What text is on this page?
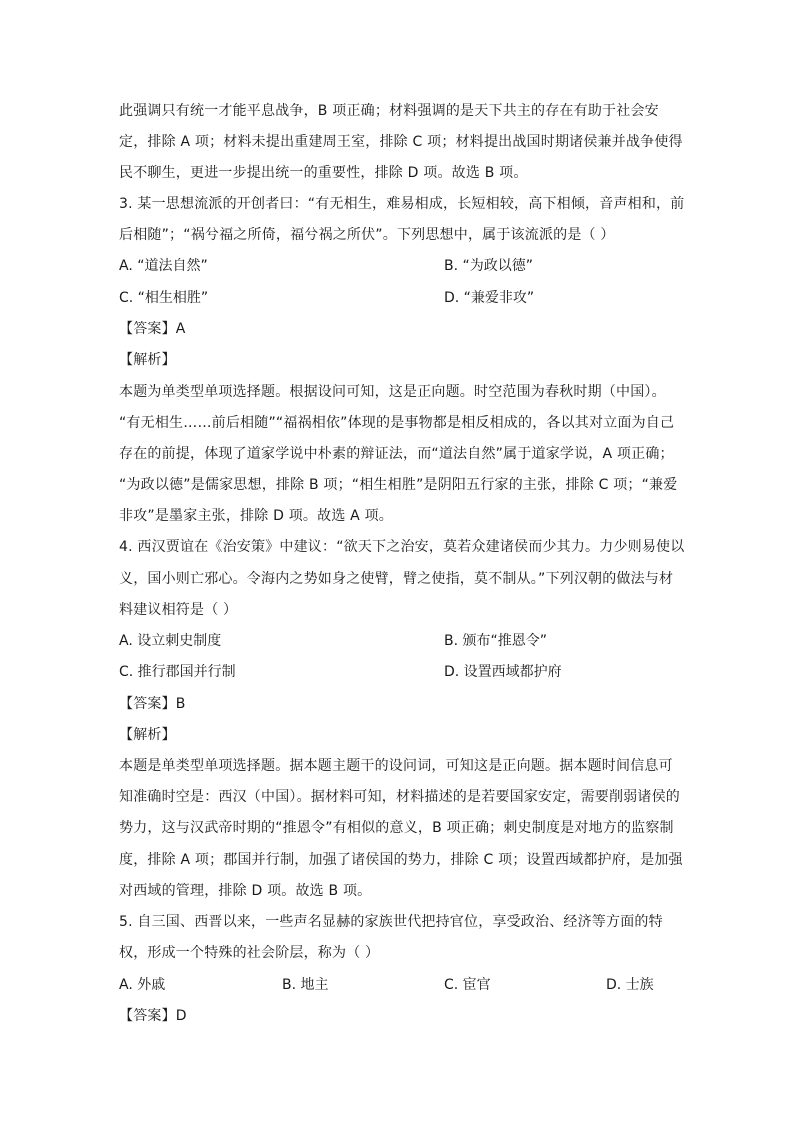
此强调只有统一才能平息战争，B 项正确；材料强调的是天下共主的存在有助于社会安
定，排除 A 项；材料未提出重建周王室，排除 C 项；材料提出战国时期诸侯兼并战争使得
民不聊生，更进一步提出统一的重要性，排除 D 项。故选 B 项。
3. 某一思想流派的开创者曰：“有无相生，难易相成，长短相较，高下相倾，音声相和，前
后相随”；“祸兮福之所倚，福兮祸之所伏”。下列思想中，属于该流派的是（ ）
A. “道法自然”	B. “为政以德”
C. “相生相胜”	D. “兼爱非攻”
【答案】A
【解析】
本题为单类型单项选择题。根据设问可知，这是正向题。时空范围为春秋时期（中国）。
“有无相生……前后相随”“福祸相依”体现的是事物都是相反相成的，各以其对立面为自己
存在的前提，体现了道家学说中朴素的辩证法，而“道法自然”属于道家学说，A 项正确；
“为政以德”是儒家思想，排除 B 项；“相生相胜”是阴阳五行家的主张，排除 C 项；“兼爱
非攻”是墨家主张，排除 D 项。故选 A 项。
4. 西汉贾谊在《治安策》中建议：“欲天下之治安，莫若众建诸侯而少其力。力少则易使以
义，国小则亡邪心。令海内之势如身之使臂，臂之使指，莫不制从。”下列汉朝的做法与材
料建议相符是（ ）
A. 设立刺史制度	B. 颁布“推恩令”
C. 推行郡国并行制	D. 设置西域都护府
【答案】B
【解析】
本题是单类型单项选择题。据本题主题干的设问词，可知这是正向题。据本题时间信息可
知准确时空是：西汉（中国）。据材料可知，材料描述的是若要国家安定，需要削弱诸侯的
势力，这与汉武帝时期的“推恩令”有相似的意义，B 项正确；刺史制度是对地方的监察制
度，排除 A 项；郡国并行制，加强了诸侯国的势力，排除 C 项；设置西域都护府，是加强
对西域的管理，排除 D 项。故选 B 项。
5. 自三国、西晋以来，一些声名显赫的家族世代把持官位，享受政治、经济等方面的特
权，形成一个特殊的社会阶层，称为（ ）
A. 外戚	B. 地主	C. 宦官	D. 士族
【答案】D
